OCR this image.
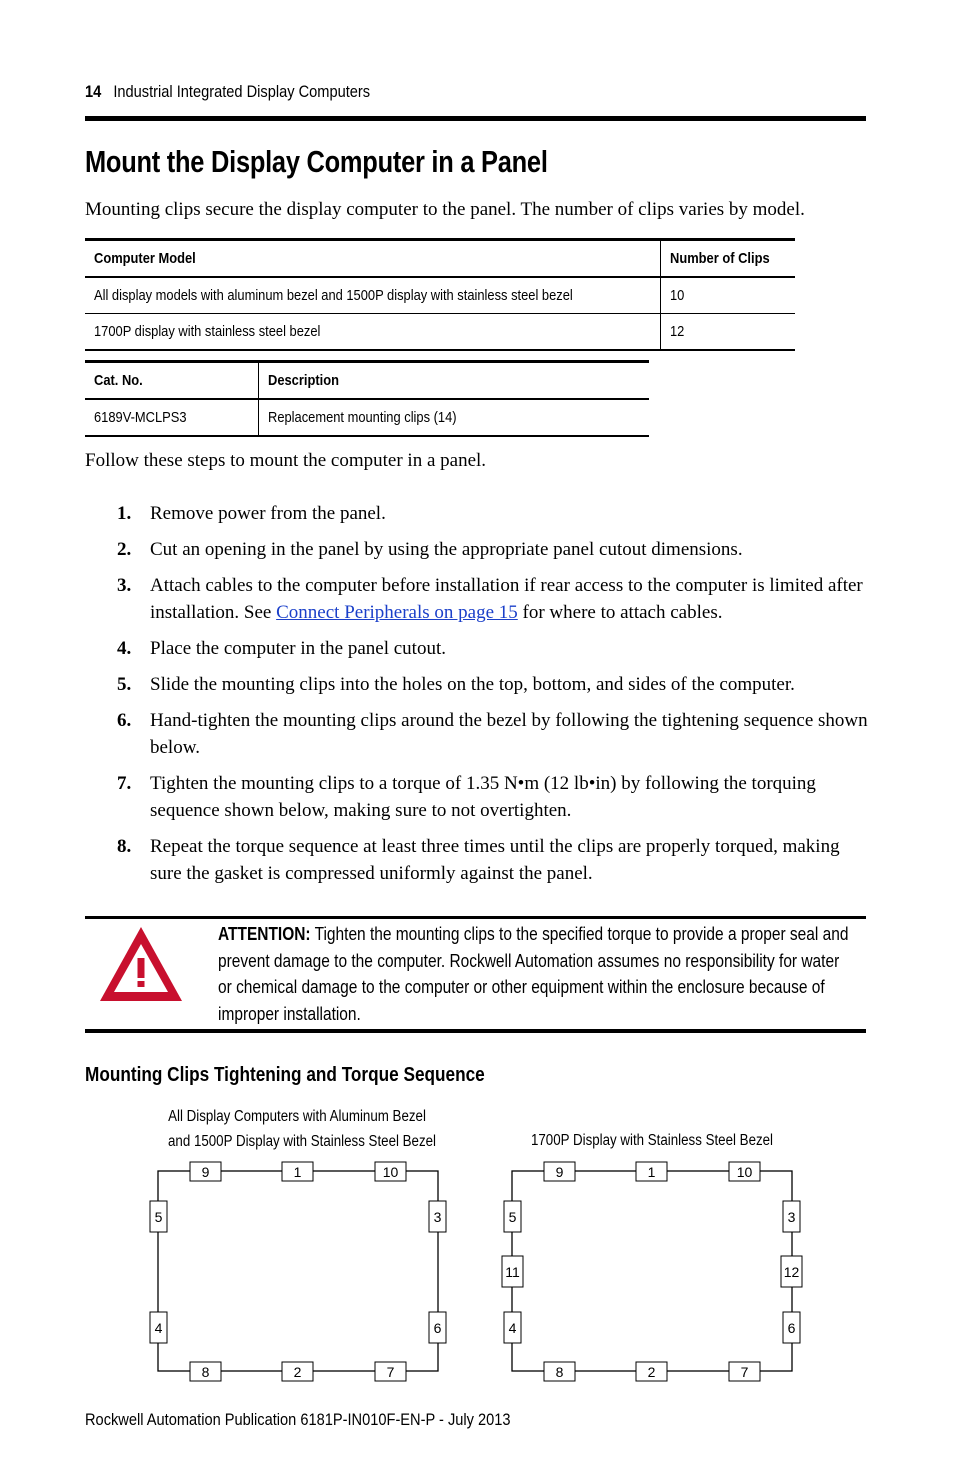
14 Industrial Integrated Display Computers
Mount the Display Computer in a Panel
Mounting clips secure the display computer to the panel. The number of clips varies by model.
Computer Model	Number of Clips
All display models with aluminum bezel and 1500P display with stainless steel bezel	10
1700P display with stainless steel bezel	12
Cat. No.	Description
6189V-MCLPS3	Replacement mounting clips (14)
Follow these steps to mount the computer in a panel.
1. Remove power from the panel.
2. Cut an opening in the panel by using the appropriate panel cutout dimensions.
3. Attach cables to the computer before installation if rear access to the computer is limited after installation. See Connect Peripherals on page 15 for where to attach cables.
4. Place the computer in the panel cutout.
5. Slide the mounting clips into the holes on the top, bottom, and sides of the computer.
6. Hand-tighten the mounting clips around the bezel by following the tightening sequence shown below.
7. Tighten the mounting clips to a torque of 1.35 N•m (12 lb•in) by following the torquing sequence shown below, making sure to not overtighten.
8. Repeat the torque sequence at least three times until the clips are properly torqued, making sure the gasket is compressed uniformly against the panel.
ATTENTION: Tighten the mounting clips to the specified torque to provide a proper seal and prevent damage to the computer. Rockwell Automation assumes no responsibility for water or chemical damage to the computer or other equipment within the enclosure because of improper installation.
Mounting Clips Tightening and Torque Sequence
All Display Computers with Aluminum Bezel
and 1500P Display with Stainless Steel Bezel	1700P Display with Stainless Steel Bezel
9	1	10
5
4
3
6
8	2	7
9	1	10
5
11
4
3
12
6
8	2	7
Rockwell Automation Publication 6181P-IN010F-EN-P - July 2013
